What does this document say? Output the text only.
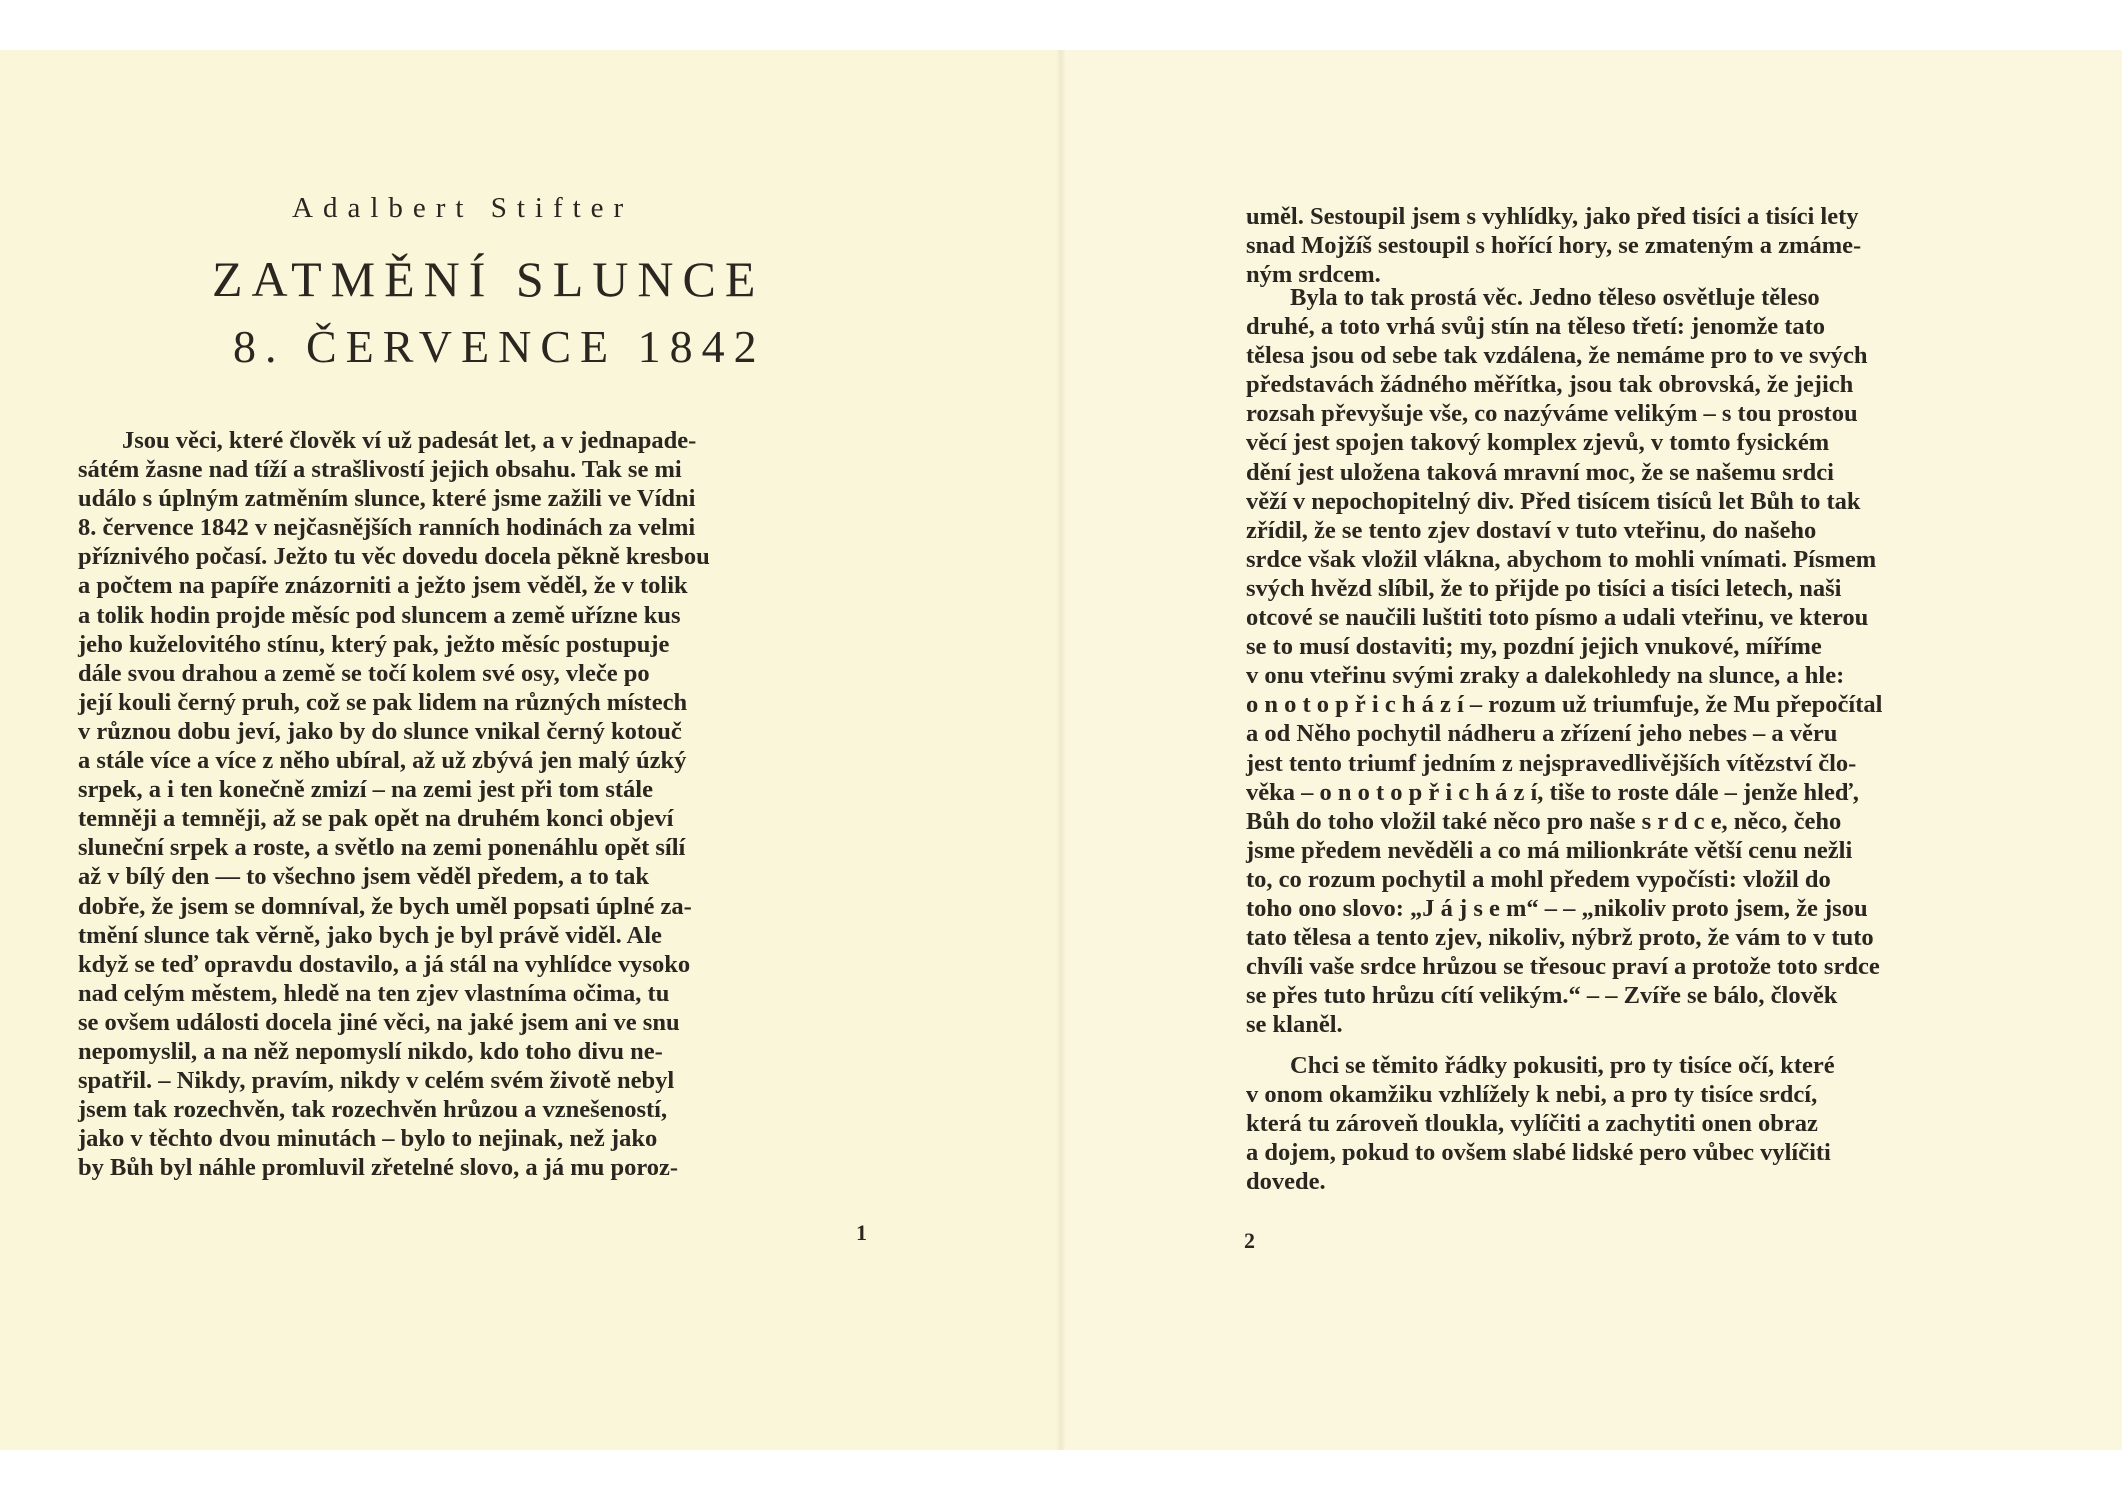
Adalbert Stifter
ZATMĚNÍ SLUNCE
8. ČERVENCE 1842
Jsou věci, které člověk ví už padesát let, a v jednapade-
sátém žasne nad tíží a strašlivostí jejich obsahu. Tak se mi
událo s úplným zatměním slunce, které jsme zažili ve Vídni
8. července 1842 v nejčasnějších ranních hodinách za velmi
příznivého počasí. Ježto tu věc dovedu docela pěkně kresbou
a počtem na papíře znázorniti a ježto jsem věděl, že v tolik
a tolik hodin projde měsíc pod sluncem a země uřízne kus
jeho kuželovitého stínu, který pak, ježto měsíc postupuje
dále svou drahou a země se točí kolem své osy, vleče po
její kouli černý pruh, což se pak lidem na různých místech
v různou dobu jeví, jako by do slunce vnikal černý kotouč
a stále více a více z něho ubíral, až už zbývá jen malý úzký
srpek, a i ten konečně zmizí – na zemi jest při tom stále
temněji a temněji, až se pak opět na druhém konci objeví
sluneční srpek a roste, a světlo na zemi ponenáhlu opět sílí
až v bílý den — to všechno jsem věděl předem, a to tak
dobře, že jsem se domníval, že bych uměl popsati úplné za-
tmění slunce tak věrně, jako bych je byl právě viděl. Ale
když se teď opravdu dostavilo, a já stál na vyhlídce vysoko
nad celým městem, hledě na ten zjev vlastníma očima, tu
se ovšem události docela jiné věci, na jaké jsem ani ve snu
nepomyslil, a na něž nepomyslí nikdo, kdo toho divu ne-
spatřil. – Nikdy, pravím, nikdy v celém svém životě nebyl
jsem tak rozechvěn, tak rozechvěn hrůzou a vznešeností,
jako v těchto dvou minutách – bylo to nejinak, než jako
by Bůh byl náhle promluvil zřetelné slovo, a já mu poroz-
1
uměl. Sestoupil jsem s vyhlídky, jako před tisíci a tisíci lety
snad Mojžíš sestoupil s hořící hory, se zmateným a zmáme-
ným srdcem.
Byla to tak prostá věc. Jedno těleso osvětluje těleso
druhé, a toto vrhá svůj stín na těleso třetí: jenomže tato
tělesa jsou od sebe tak vzdálena, že nemáme pro to ve svých
představách žádného měřítka, jsou tak obrovská, že jejich
rozsah převyšuje vše, co nazýváme velikým – s tou prostou
věcí jest spojen takový komplex zjevů, v tomto fysickém
dění jest uložena taková mravní moc, že se našemu srdci
věží v nepochopitelný div. Před tisícem tisíců let Bůh to tak
zřídil, že se tento zjev dostaví v tuto vteřinu, do našeho
srdce však vložil vlákna, abychom to mohli vnímati. Písmem
svých hvězd slíbil, že to přijde po tisíci a tisíci letech, naši
otcové se naučili luštiti toto písmo a udali vteřinu, ve kterou
se to musí dostaviti; my, pozdní jejich vnukové, míříme
v onu vteřinu svými zraky a dalekohledy na slunce, a hle:
o n o t o p ř i c h á z í – rozum už triumfuje, že Mu přepočítal
a od Něho pochytil nádheru a zřízení jeho nebes – a věru
jest tento triumf jedním z nejspravedlivějších vítězství člo-
věka – o n o t o p ř i c h á z í, tiše to roste dále – jenže hleď,
Bůh do toho vložil také něco pro naše s r d c e, něco, čeho
jsme předem nevěděli a co má milionkráte větší cenu nežli
to, co rozum pochytil a mohl předem vypočísti: vložil do
toho ono slovo: „J á j s e m“ – – „nikoliv proto jsem, že jsou
tato tělesa a tento zjev, nikoliv, nýbrž proto, že vám to v tuto
chvíli vaše srdce hrůzou se třesouc praví a protože toto srdce
se přes tuto hrůzu cítí velikým.“ – – Zvíře se bálo, člověk
se klaněl.
Chci se těmito řádky pokusiti, pro ty tisíce očí, které
v onom okamžiku vzhlížely k nebi, a pro ty tisíce srdcí,
která tu zároveň tloukla, vylíčiti a zachytiti onen obraz
a dojem, pokud to ovšem slabé lidské pero vůbec vylíčiti
dovede.
2
